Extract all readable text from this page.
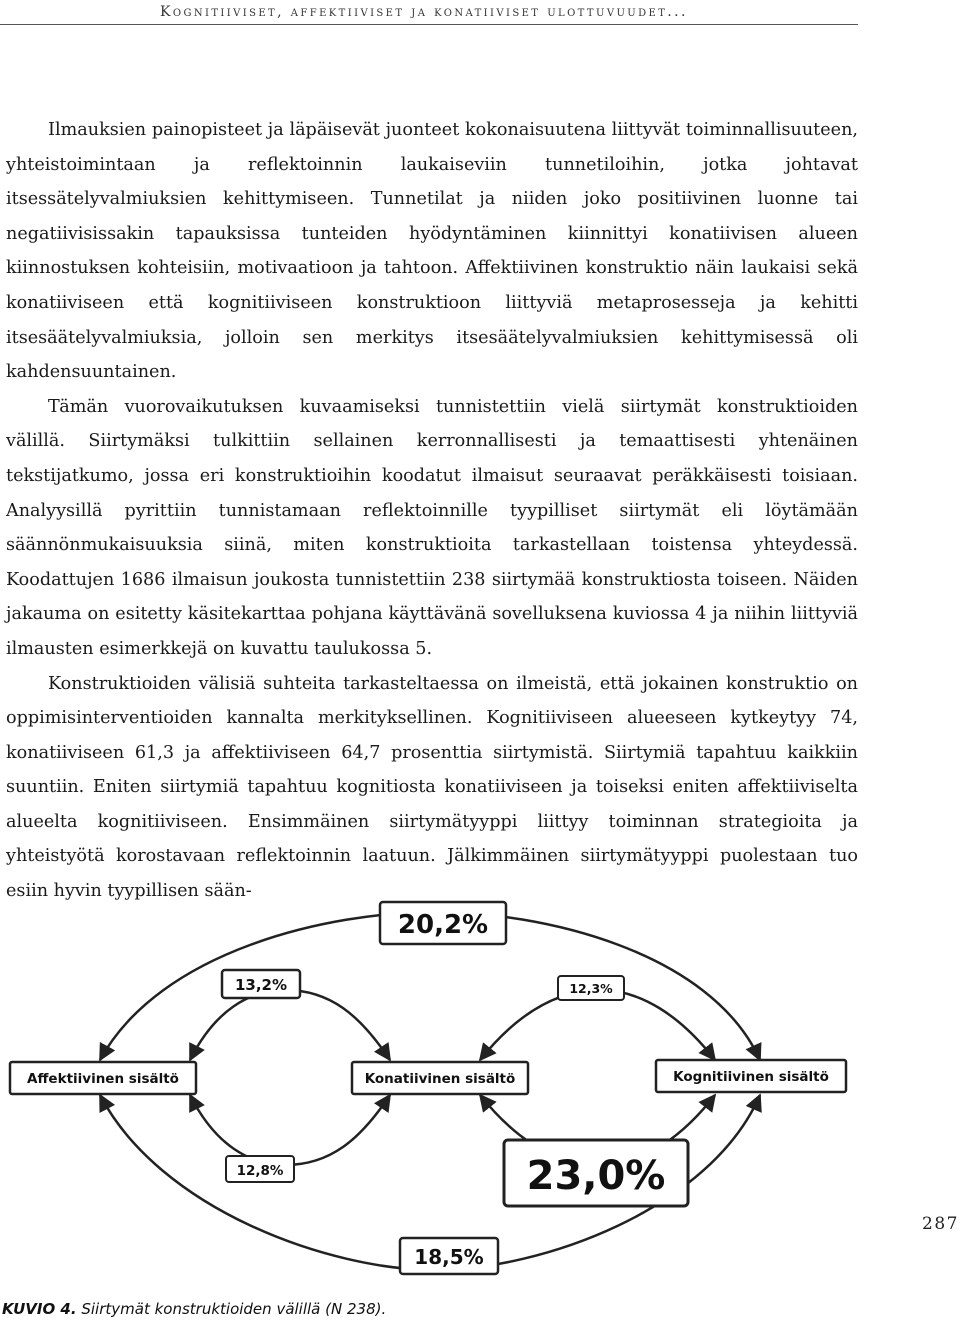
Kognitiiviset, affektiiviset ja konatiiviset ulottuvuudet...

Ilmauksien painopisteet ja läpäisevät juonteet kokonaisuutena liittyvät toiminnallisuuteen, yhteistoimintaan ja reflektoinnin laukaiseviin tunnetiloihin, jotka johtavat itsessätelyvalmiuksien kehittymiseen. Tunnetilat ja niiden joko positiivinen luonne tai negatiivisissakin tapauksissa tunteiden hyödyntäminen kiinnittyi konatiivisen alueen kiinnostuksen kohteisiin, motivaatioon ja tahtoon. Affektiivinen konstruktio näin laukaisi sekä konatiiviseen että kognitiiviseen konstruktioon liittyviä metaprosesseja ja kehitti itsesäätelyvalmiuksia, jolloin sen merkitys itsesäätelyvalmiuksien kehittymisessä oli kahdensuuntainen.

Tämän vuorovaikutuksen kuvaamiseksi tunnistettiin vielä siirtymät konstruktioiden välillä. Siirtymäksi tulkittiin sellainen kerronnallisesti ja temaattisesti yhtenäinen tekstijatkumo, jossa eri konstruktioihin koodatut ilmaisut seuraavat peräkkäisesti toisiaan. Analyysillä pyrittiin tunnistamaan reflektoinnille tyypilliset siirtymät eli löytämään säännönmukaisuuksia siinä, miten konstruktioita tarkastellaan toistensa yhteydessä. Koodattujen 1686 ilmaisun joukosta tunnistettiin 238 siirtymää konstruktiosta toiseen. Näiden jakauma on esitetty käsitekarttaa pohjana käyttävänä sovelluksena kuviossa 4 ja niihin liittyviä ilmausten esimerkkejä on kuvattu taulukossa 5.

Konstruktioiden välisiä suhteita tarkasteltaessa on ilmeistä, että jokainen konstruktio on oppimisinterventioiden kannalta merkityksellinen. Kognitiiviseen alueeseen kytkeytyy 74, konatiiviseen 61,3 ja affektiiviseen 64,7 prosenttia siirtymistä. Siirtymiä tapahtuu kaikkiin suuntiin. Eniten siirtymiä tapahtuu kognitiosta konatiiviseen ja toiseksi eniten affektiiviselta alueelta kognitiiviseen. Ensimmäinen siirtymätyyppi liittyy toiminnan strategioita ja yhteistyötä korostavaan reflektoinnin laatuun. Jälkimmäinen siirtymätyyppi puolestaan tuo esiin hyvin tyypillisen sään-

Affektiivinen sisältö	Konatiivinen sisältö	Kognitiivinen sisältö
20,2%
13,2%	12,3%
12,8%	23,0%
18,5%
287
KUVIO 4. Siirtymät konstruktioiden välillä (N 238).
